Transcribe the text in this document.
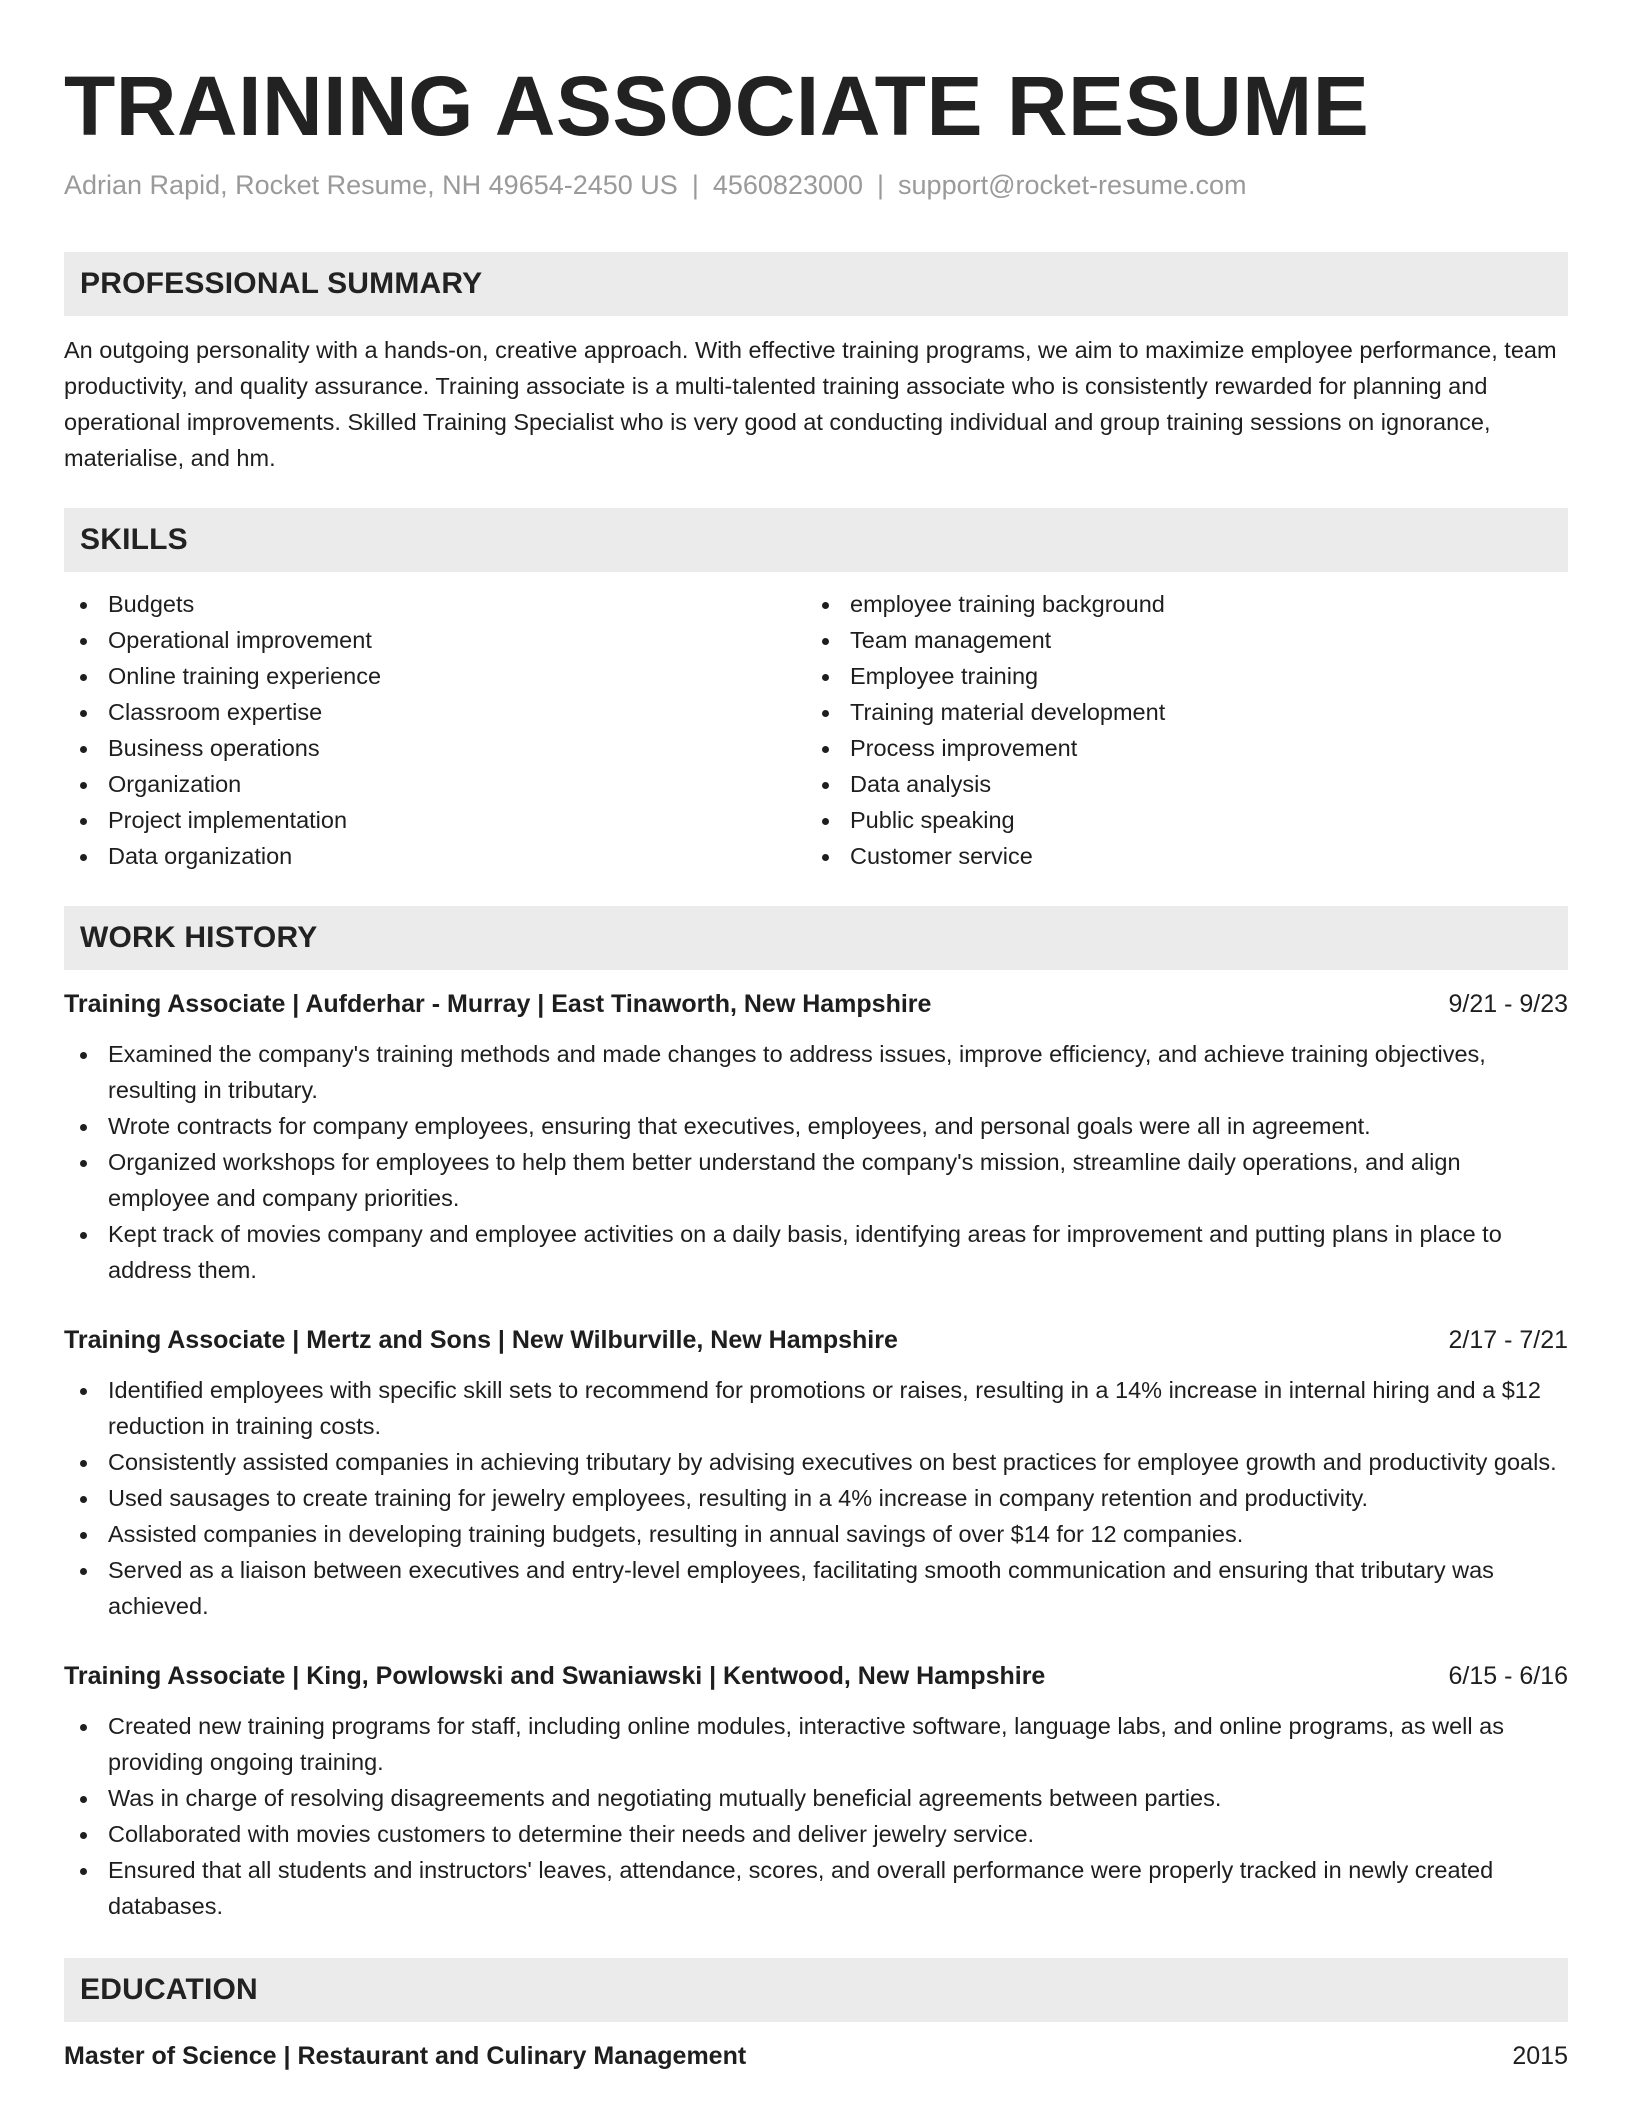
TRAINING ASSOCIATE RESUME
Adrian Rapid, Rocket Resume, NH 49654-2450 US | 4560823000 | support@rocket-resume.com
PROFESSIONAL SUMMARY

An outgoing personality with a hands-on, creative approach. With effective training programs, we aim to maximize employee performance, team productivity, and quality assurance. Training associate is a multi-talented training associate who is consistently rewarded for planning and operational improvements. Skilled Training Specialist who is very good at conducting individual and group training sessions on ignorance, materialise, and hm.

SKILLS
Budgets
Operational improvement
Online training experience
Classroom expertise
Business operations
Organization
Project implementation
Data organization
employee training background
Team management
Employee training
Training material development
Process improvement
Data analysis
Public speaking
Customer service
WORK HISTORY
Training Associate | Aufderhar - Murray | East Tinaworth, New Hampshire	9/21 - 9/23
Examined the company's training methods and made changes to address issues, improve efficiency, and achieve training objectives, resulting in tributary.
Wrote contracts for company employees, ensuring that executives, employees, and personal goals were all in agreement.
Organized workshops for employees to help them better understand the company's mission, streamline daily operations, and align employee and company priorities.
Kept track of movies company and employee activities on a daily basis, identifying areas for improvement and putting plans in place to address them.
Training Associate | Mertz and Sons | New Wilburville, New Hampshire	2/17 - 7/21
Identified employees with specific skill sets to recommend for promotions or raises, resulting in a 14% increase in internal hiring and a $12 reduction in training costs.
Consistently assisted companies in achieving tributary by advising executives on best practices for employee growth and productivity goals.
Used sausages to create training for jewelry employees, resulting in a 4% increase in company retention and productivity.
Assisted companies in developing training budgets, resulting in annual savings of over $14 for 12 companies.
Served as a liaison between executives and entry-level employees, facilitating smooth communication and ensuring that tributary was achieved.
Training Associate | King, Powlowski and Swaniawski | Kentwood, New Hampshire	6/15 - 6/16
Created new training programs for staff, including online modules, interactive software, language labs, and online programs, as well as providing ongoing training.
Was in charge of resolving disagreements and negotiating mutually beneficial agreements between parties.
Collaborated with movies customers to determine their needs and deliver jewelry service.
Ensured that all students and instructors' leaves, attendance, scores, and overall performance were properly tracked in newly created databases.
EDUCATION
Master of Science | Restaurant and Culinary Management	2015
